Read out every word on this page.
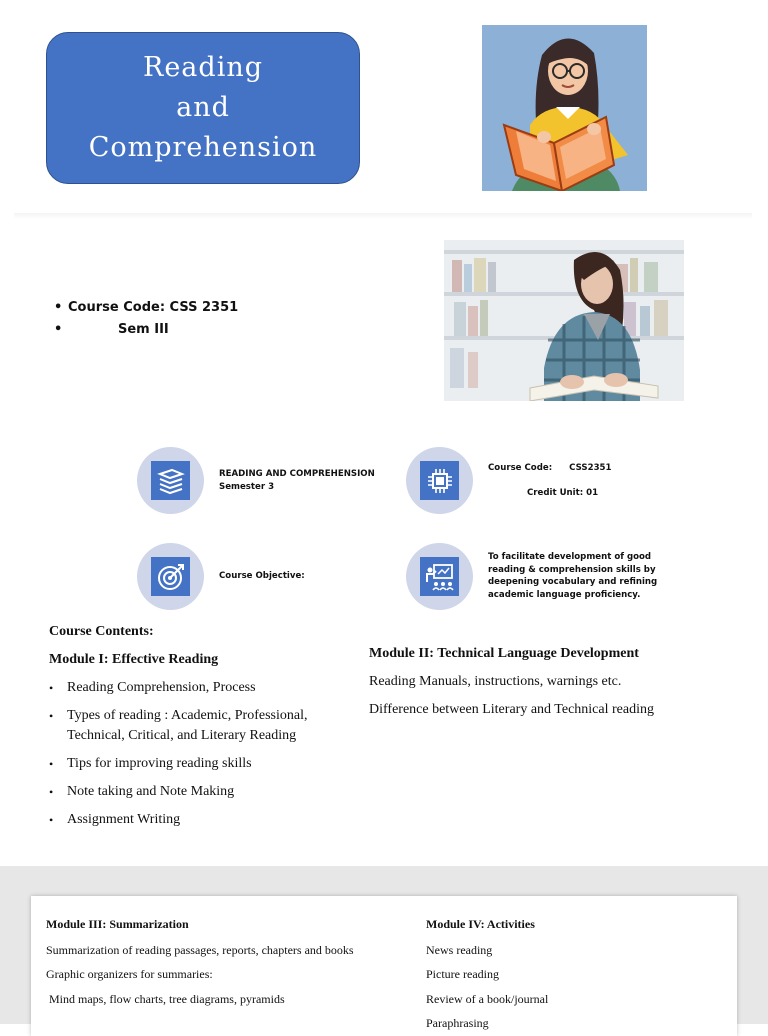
Reading
and
Comprehension
• Course Code: CSS 2351
•	Sem III
READING AND COMPREHENSION
Semester 3
Course Code: CSS2351
Credit Unit: 01
Course Objective:
To facilitate development of good reading & comprehension skills by deepening vocabulary and refining academic language proficiency.
Course Contents:
Module I: Effective Reading
• Reading Comprehension, Process
• Types of reading : Academic, Professional, Technical, Critical, and Literary Reading
• Tips for improving reading skills
• Note taking and Note Making
• Assignment Writing
Module II: Technical Language Development
Reading Manuals, instructions, warnings etc.
Difference between Literary and Technical reading
Module III: Summarization
Summarization of reading passages, reports, chapters and books
Graphic organizers for summaries:
Mind maps, flow charts, tree diagrams, pyramids
Module IV: Activities
News reading
Picture reading
Review of a book/journal
Paraphrasing
